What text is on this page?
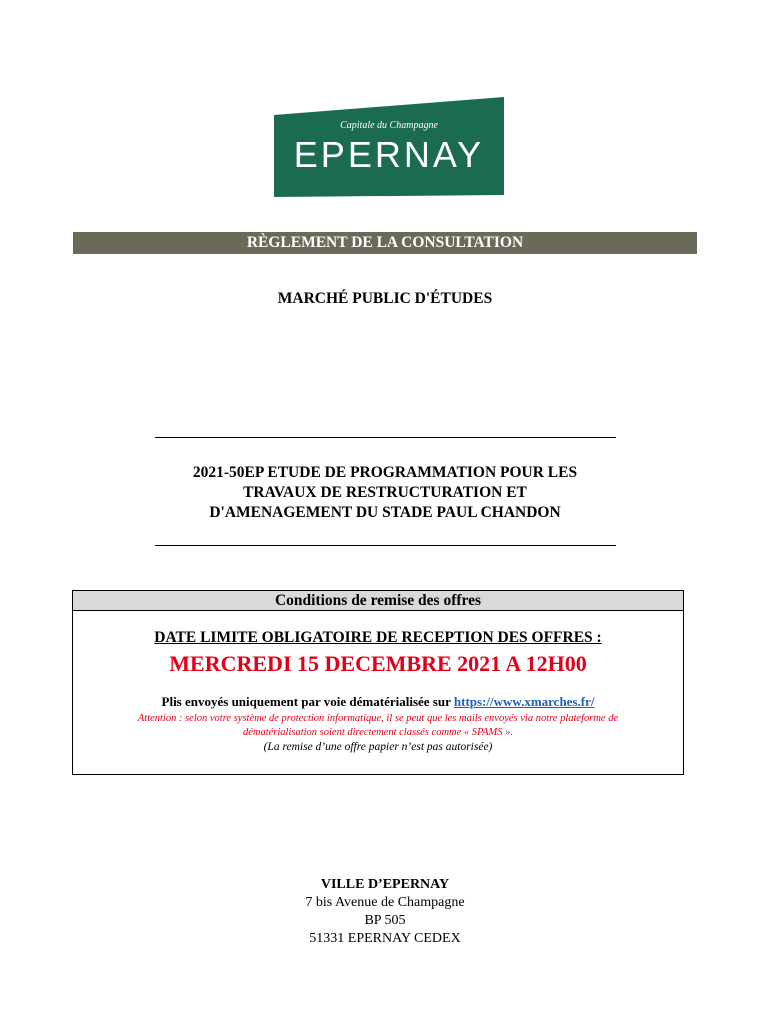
Capitale du Champagne
EPERNAY
RÈGLEMENT DE LA CONSULTATION
MARCHÉ PUBLIC D'ÉTUDES
2021-50EP ETUDE DE PROGRAMMATION POUR LES
TRAVAUX DE RESTRUCTURATION ET
D'AMENAGEMENT DU STADE PAUL CHANDON
Conditions de remise des offres
DATE LIMITE OBLIGATOIRE DE RECEPTION DES OFFRES :
MERCREDI 15 DECEMBRE 2021 A 12H00
Plis envoyés uniquement par voie dématérialisée sur https://www.xmarches.fr/
Attention : selon votre système de protection informatique, il se peut que les mails envoyés via notre plateforme de
dématérialisation soient directement classés comme « SPAMS ».
(La remise d’une offre papier n’est pas autorisée)
VILLE D’EPERNAY
7 bis Avenue de Champagne
BP 505
51331 EPERNAY CEDEX
